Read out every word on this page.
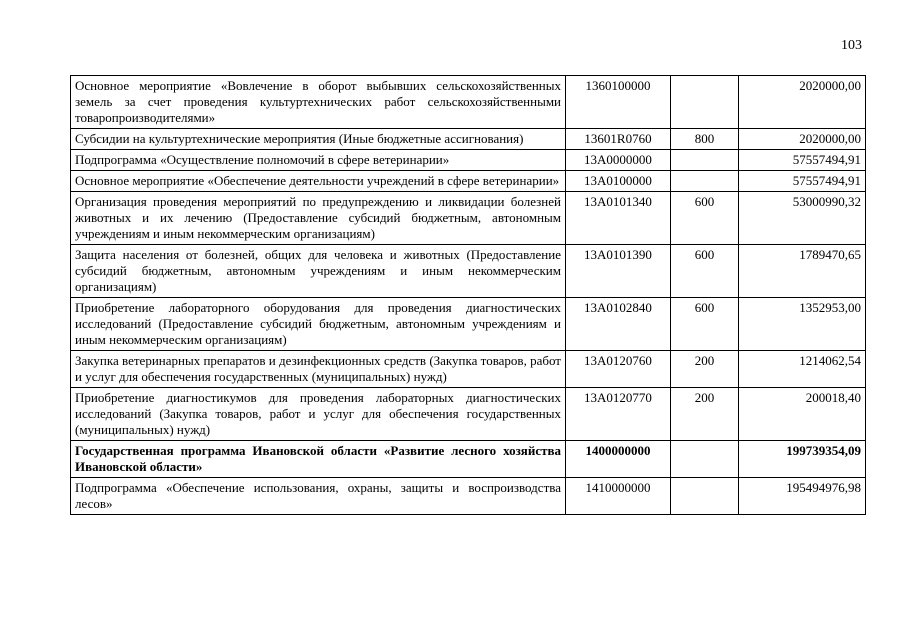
103
Основное мероприятие «Вовлечение в оборот выбывших сельскохозяйственных земель за счет проведения культуртехнических работ сельскохозяйственными товаропроизводителями»	1360100000		2020000,00
Субсидии на культуртехнические мероприятия (Иные бюджетные ассигнования)	13601R0760	800	2020000,00
Подпрограмма «Осуществление полномочий в сфере ветеринарии»	13А0000000		57557494,91
Основное мероприятие «Обеспечение деятельности учреждений в сфере ветеринарии»	13А0100000		57557494,91
Организация проведения мероприятий по предупреждению и ликвидации болезней животных и их лечению (Предоставление субсидий бюджетным, автономным учреждениям и иным некоммерческим организациям)	13А0101340	600	53000990,32
Защита населения от болезней, общих для человека и животных (Предоставление субсидий бюджетным, автономным учреждениям и иным некоммерческим организациям)	13А0101390	600	1789470,65
Приобретение лабораторного оборудования для проведения диагностических исследований (Предоставление субсидий бюджетным, автономным учреждениям и иным некоммерческим организациям)	13А0102840	600	1352953,00
Закупка ветеринарных препаратов и дезинфекционных средств (Закупка товаров, работ и услуг для обеспечения государственных (муниципальных) нужд)	13А0120760	200	1214062,54
Приобретение диагностикумов для проведения лабораторных диагностических исследований (Закупка товаров, работ и услуг для обеспечения государственных (муниципальных) нужд)	13А0120770	200	200018,40
Государственная программа Ивановской области «Развитие лесного хозяйства Ивановской области»	1400000000		199739354,09
Подпрограмма «Обеспечение использования, охраны, защиты и воспроизводства лесов»	1410000000		195494976,98
